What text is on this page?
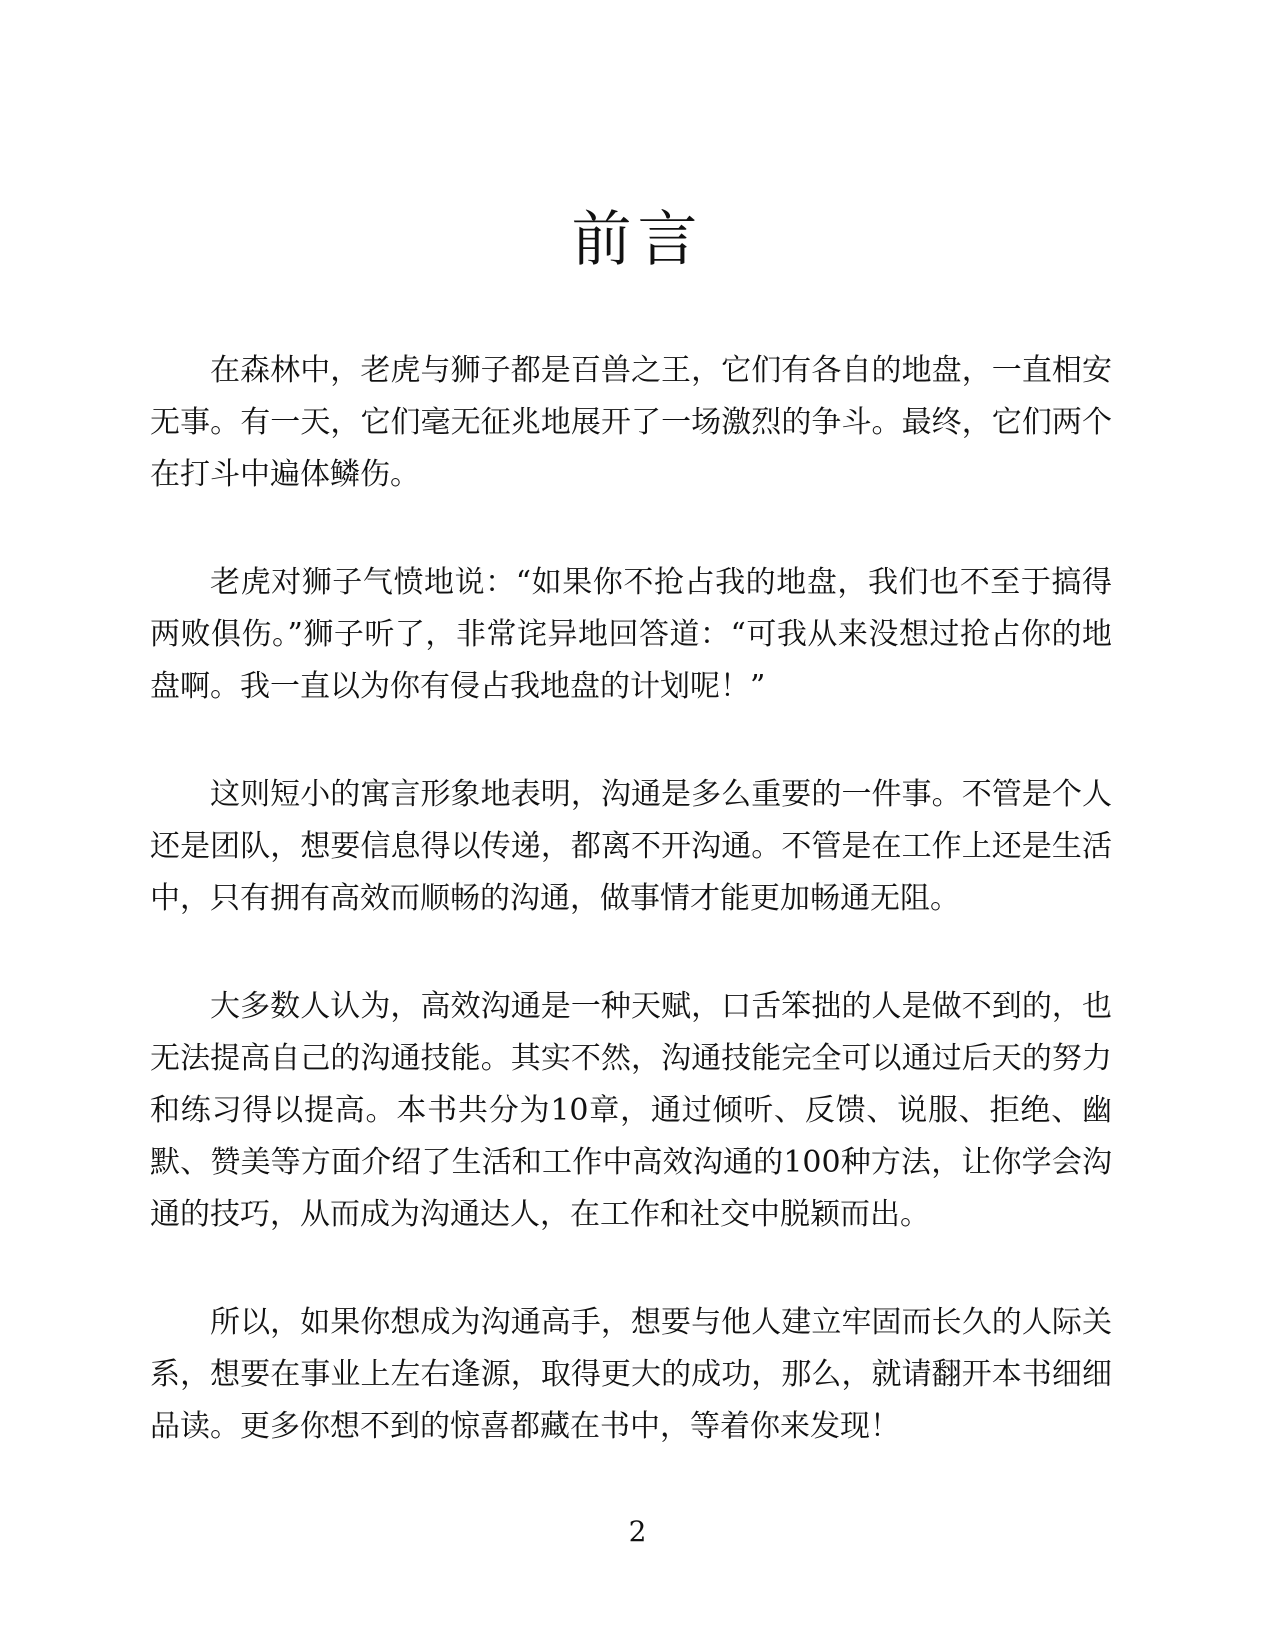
前言

在森林中，老虎与狮子都是百兽之王，它们有各自的地盘，一直相安无事。有一天，它们毫无征兆地展开了一场激烈的争斗。最终，它们两个在打斗中遍体鳞伤。

老虎对狮子气愤地说：“如果你不抢占我的地盘，我们也不至于搞得两败俱伤。”狮子听了，非常诧异地回答道：“可我从来没想过抢占你的地盘啊。我一直以为你有侵占我地盘的计划呢！”

这则短小的寓言形象地表明，沟通是多么重要的一件事。不管是个人还是团队，想要信息得以传递，都离不开沟通。不管是在工作上还是生活中，只有拥有高效而顺畅的沟通，做事情才能更加畅通无阻。

大多数人认为，高效沟通是一种天赋，口舌笨拙的人是做不到的，也无法提高自己的沟通技能。其实不然，沟通技能完全可以通过后天的努力和练习得以提高。本书共分为10章，通过倾听、反馈、说服、拒绝、幽默、赞美等方面介绍了生活和工作中高效沟通的100种方法，让你学会沟通的技巧，从而成为沟通达人，在工作和社交中脱颖而出。

所以，如果你想成为沟通高手，想要与他人建立牢固而长久的人际关系，想要在事业上左右逢源，取得更大的成功，那么，就请翻开本书细细品读。更多你想不到的惊喜都藏在书中，等着你来发现！

2
